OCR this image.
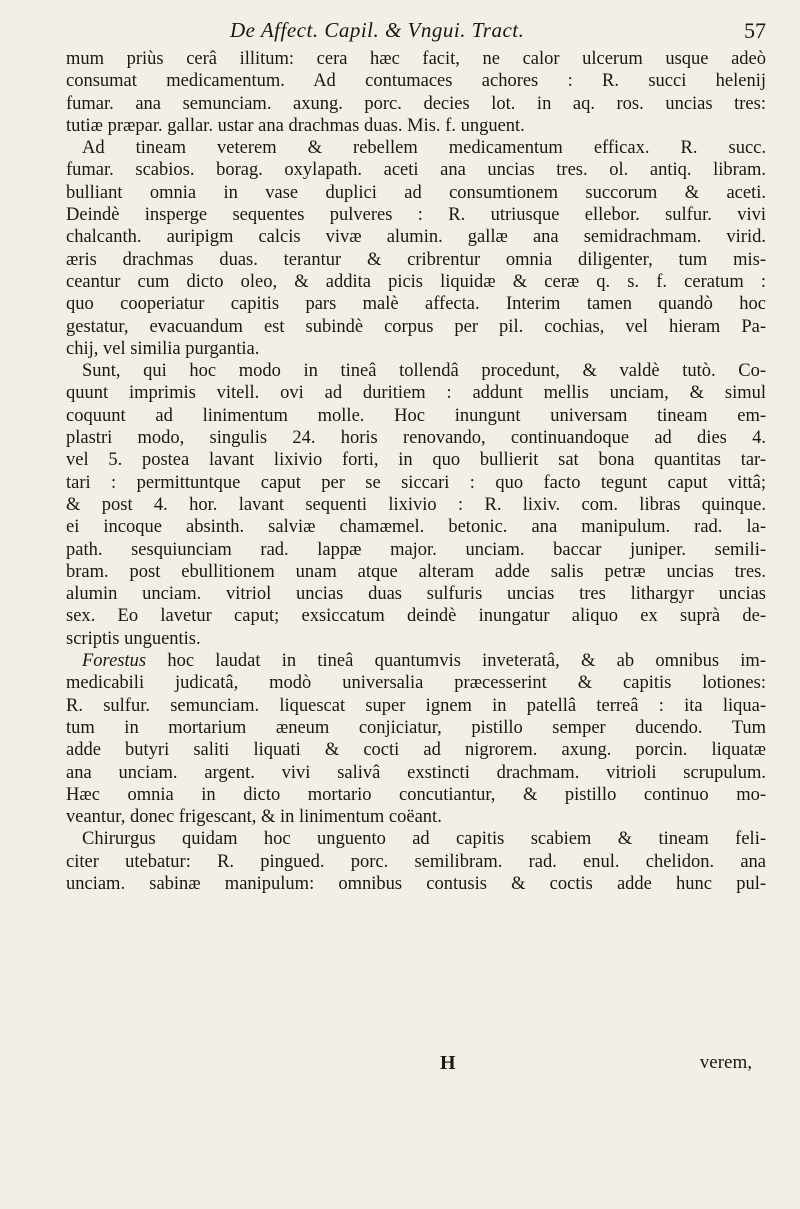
De Affect. Capil. & Vngui. Tract.	57
mum priùs cerâ illitum: cera hæc facit, ne calor ulcerum usque adeò
consumat medicamentum. Ad contumaces achores : R. succi helenij
fumar. ana semunciam. axung. porc. decies lot. in aq. ros. uncias tres:
tutiæ præpar. gallar. ustar ana drachmas duas. Mis. f. unguent.
Ad tineam veterem & rebellem medicamentum efficax. R. succ.
fumar. scabios. borag. oxylapath. aceti ana uncias tres. ol. antiq. libram.
bulliant omnia in vase duplici ad consumtionem succorum & aceti.
Deindè insperge sequentes pulveres : R. utriusque ellebor. sulfur. vivi
chalcanth. auripigm calcis vivæ alumin. gallæ ana semidrachmam. virid.
æris drachmas duas. terantur & cribrentur omnia diligenter, tum mis-
ceantur cum dicto oleo, & addita picis liquidæ & ceræ q. s. f. ceratum :
quo cooperiatur capitis pars malè affecta. Interim tamen quandò hoc
gestatur, evacuandum est subindè corpus per pil. cochias, vel hieram Pa-
chij, vel similia purgantia.
Sunt, qui hoc modo in tineâ tollendâ procedunt, & valdè tutò. Co-
quunt imprimis vitell. ovi ad duritiem : addunt mellis unciam, & simul
coquunt ad linimentum molle. Hoc inungunt universam tineam em-
plastri modo, singulis 24. horis renovando, continuandoque ad dies 4.
vel 5. postea lavant lixivio forti, in quo bullierit sat bona quantitas tar-
tari : permittuntque caput per se siccari : quo facto tegunt caput vittâ;
& post 4. hor. lavant sequenti lixivio : R. lixiv. com. libras quinque.
ei incoque absinth. salviæ chamæmel. betonic. ana manipulum. rad. la-
path. sesquiunciam rad. lappæ major. unciam. baccar juniper. semili-
bram. post ebullitionem unam atque alteram adde salis petræ uncias tres.
alumin unciam. vitriol uncias duas sulfuris uncias tres lithargyr uncias
sex. Eo lavetur caput; exsiccatum deindè inungatur aliquo ex suprà de-
scriptis unguentis.
Forestus hoc laudat in tineâ quantumvis inveteratâ, & ab omnibus im-
medicabili judicatâ, modò universalia præcesserint & capitis lotiones:
R. sulfur. semunciam. liquescat super ignem in patellâ terreâ : ita liqua-
tum in mortarium æneum conjiciatur, pistillo semper ducendo. Tum
adde butyri saliti liquati & cocti ad nigrorem. axung. porcin. liquatæ
ana unciam. argent. vivi salivâ exstincti drachmam. vitrioli scrupulum.
Hæc omnia in dicto mortario concutiantur, & pistillo continuo mo-
veantur, donec frigescant, & in linimentum coëant.
Chirurgus quidam hoc unguento ad capitis scabiem & tineam feli-
citer utebatur: R. pingued. porc. semilibram. rad. enul. chelidon. ana
unciam. sabinæ manipulum: omnibus contusis & coctis adde hunc pul-
H	verem,
